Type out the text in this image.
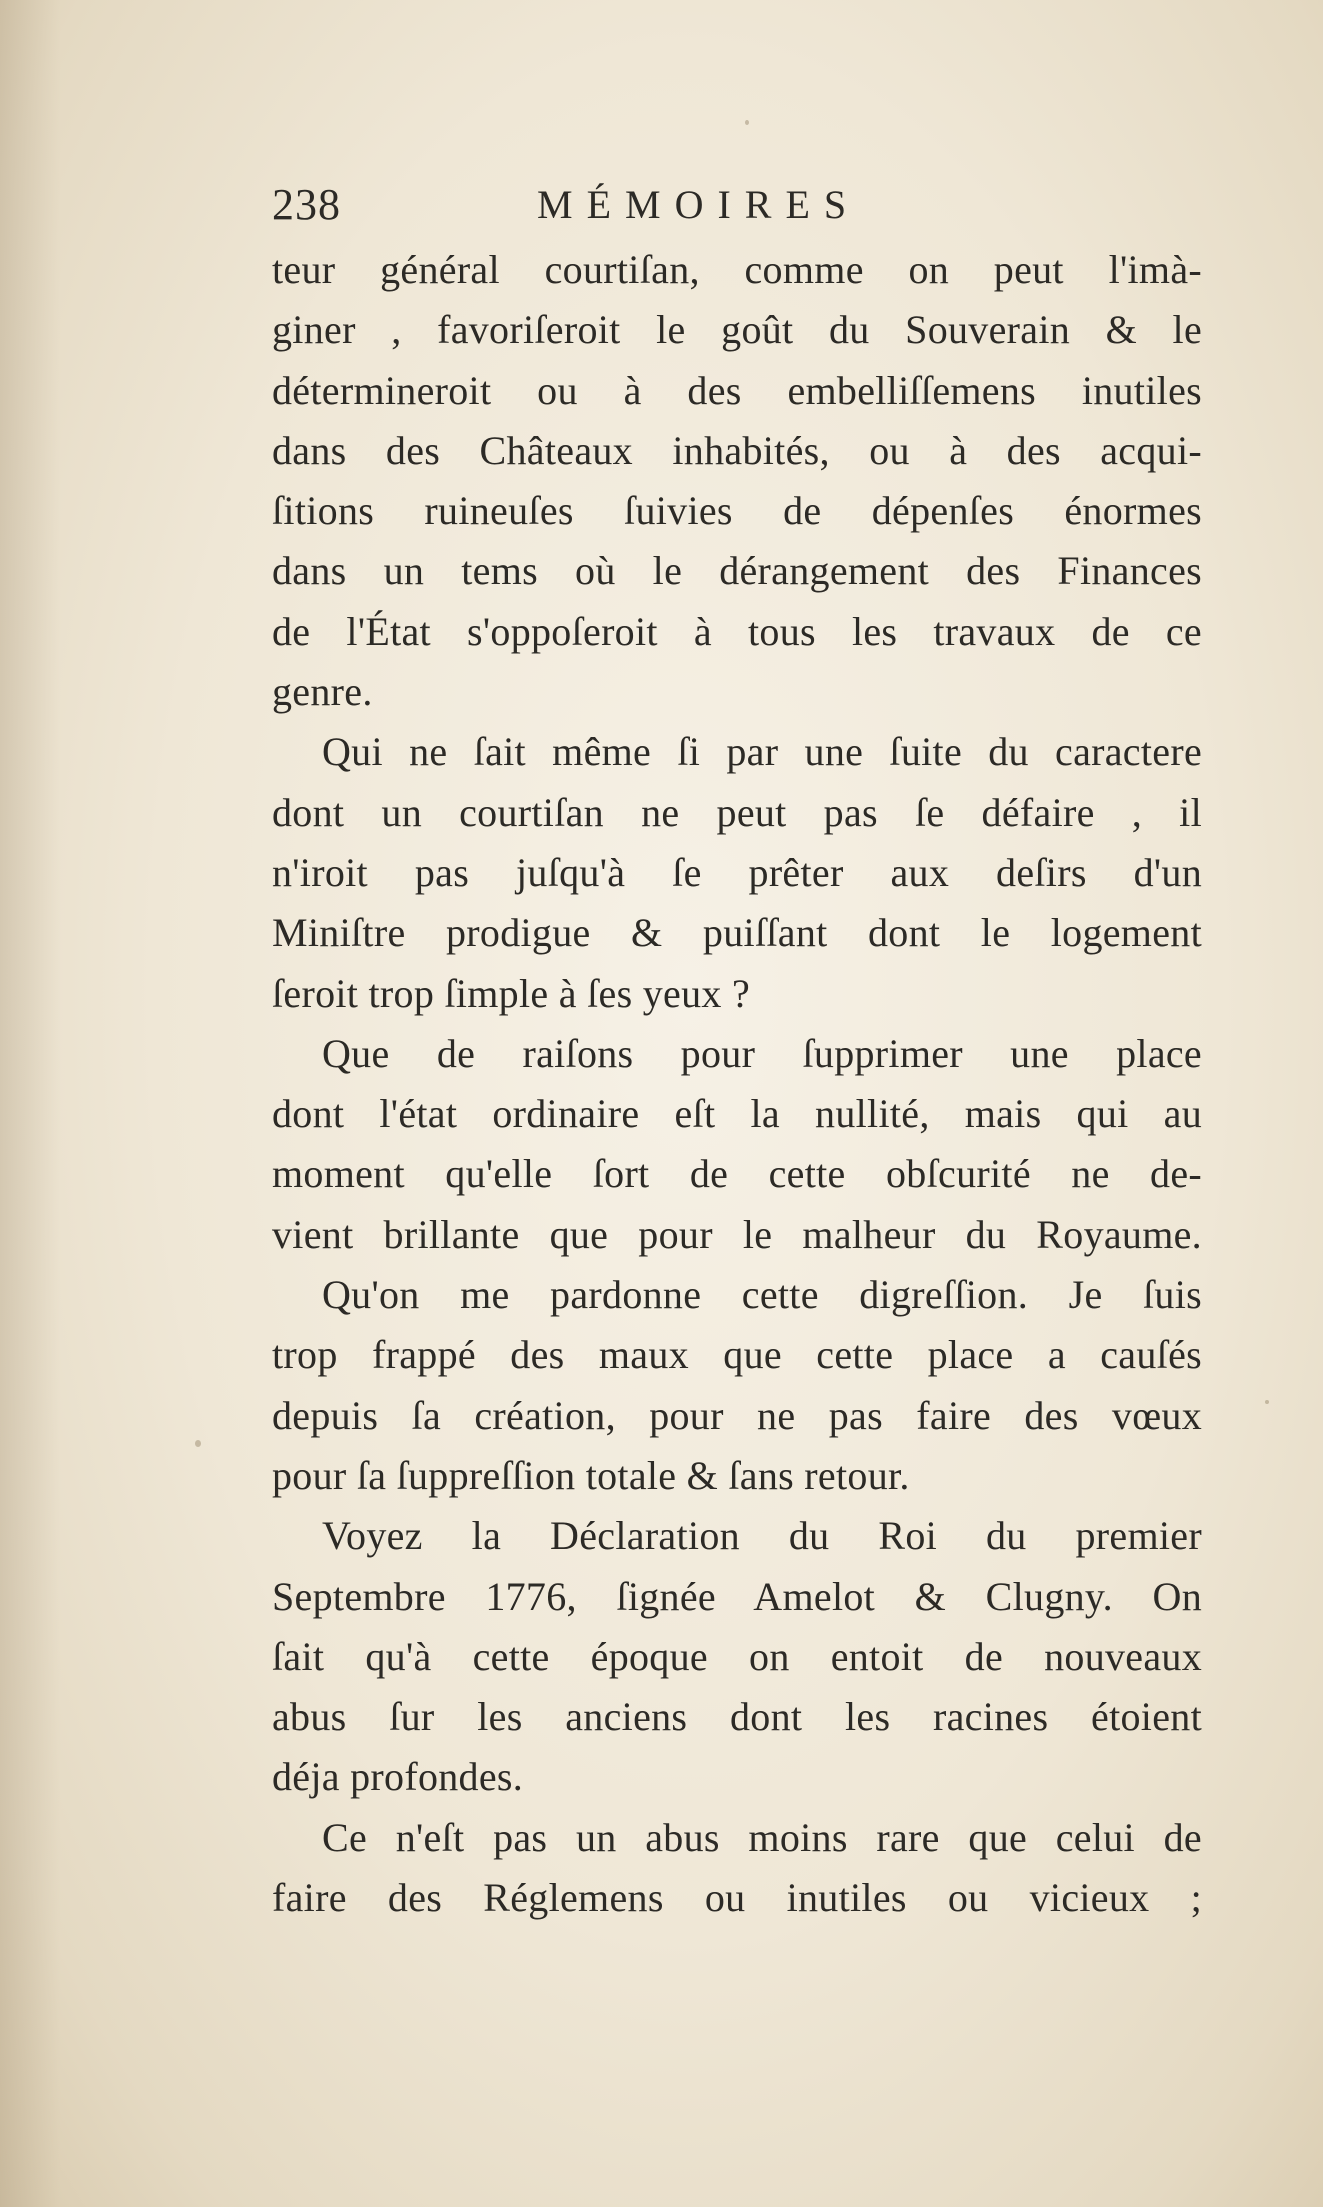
238	MÉMOIRES
teur général courtiſan, comme on peut l'imà-
giner , favoriſeroit le goût du Souverain & le
détermineroit ou à des embelliſſemens inutiles
dans des Châteaux inhabités, ou à des acqui-
ſitions ruineuſes ſuivies de dépenſes énormes
dans un tems où le dérangement des Finances
de l'État s'oppoſeroit à tous les travaux de ce
genre.
Qui ne ſait même ſi par une ſuite du caractere
dont un courtiſan ne peut pas ſe défaire , il
n'iroit pas juſqu'à ſe prêter aux deſirs d'un
Miniſtre prodigue & puiſſant dont le logement
ſeroit trop ſimple à ſes yeux ?
Que de raiſons pour ſupprimer une place
dont l'état ordinaire eſt la nullité, mais qui au
moment qu'elle ſort de cette obſcurité ne de-
vient brillante que pour le malheur du Royaume.
Qu'on me pardonne cette digreſſion. Je ſuis
trop frappé des maux que cette place a cauſés
depuis ſa création, pour ne pas faire des vœux
pour ſa ſuppreſſion totale & ſans retour.
Voyez la Déclaration du Roi du premier
Septembre 1776, ſignée Amelot & Clugny. On
ſait qu'à cette époque on entoit de nouveaux
abus ſur les anciens dont les racines étoient
déja profondes.
Ce n'eſt pas un abus moins rare que celui de
faire des Réglemens ou inutiles ou vicieux ;
